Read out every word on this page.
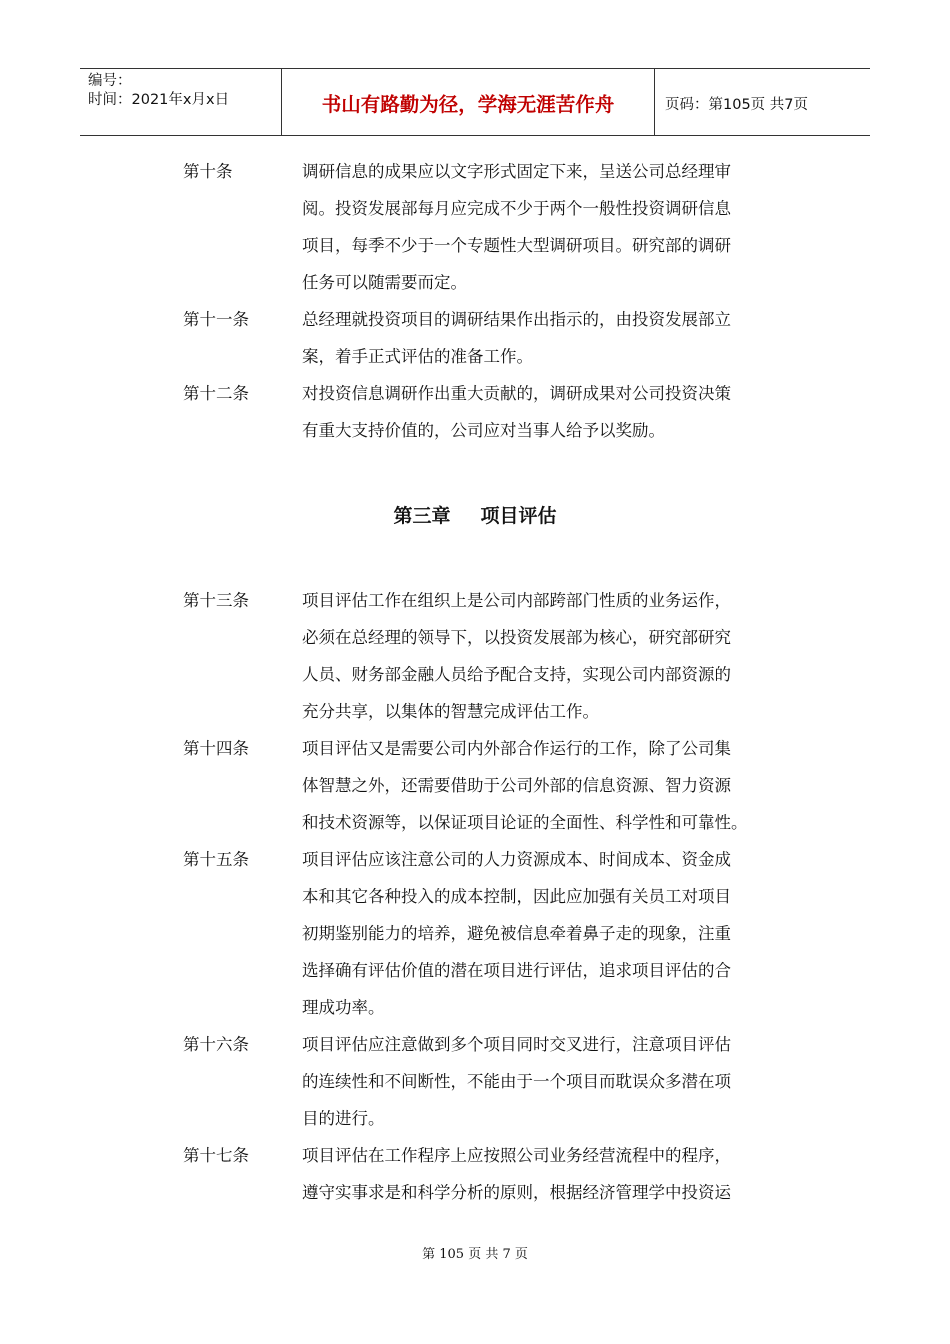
编号：
时间：2021年x月x日	书山有路勤为径，学海无涯苦作舟	页码：第105页 共7页
第十条	调研信息的成果应以文字形式固定下来，呈送公司总经理审
阅。投资发展部每月应完成不少于两个一般性投资调研信息
项目，每季不少于一个专题性大型调研项目。研究部的调研
任务可以随需要而定。
第十一条	总经理就投资项目的调研结果作出指示的，由投资发展部立
案，着手正式评估的准备工作。
第十二条	对投资信息调研作出重大贡献的，调研成果对公司投资决策
有重大支持价值的，公司应对当事人给予以奖励。
第三章 项目评估
第十三条	项目评估工作在组织上是公司内部跨部门性质的业务运作，
必须在总经理的领导下，以投资发展部为核心，研究部研究
人员、财务部金融人员给予配合支持，实现公司内部资源的
充分共享，以集体的智慧完成评估工作。
第十四条	项目评估又是需要公司内外部合作运行的工作，除了公司集
体智慧之外，还需要借助于公司外部的信息资源、智力资源
和技术资源等，以保证项目论证的全面性、科学性和可靠性。
第十五条	项目评估应该注意公司的人力资源成本、时间成本、资金成
本和其它各种投入的成本控制，因此应加强有关员工对项目
初期鉴别能力的培养，避免被信息牵着鼻子走的现象，注重
选择确有评估价值的潜在项目进行评估，追求项目评估的合
理成功率。
第十六条	项目评估应注意做到多个项目同时交叉进行，注意项目评估
的连续性和不间断性，不能由于一个项目而耽误众多潜在项
目的进行。
第十七条	项目评估在工作程序上应按照公司业务经营流程中的程序，
遵守实事求是和科学分析的原则，根据经济管理学中投资运
第 105 页 共 7 页
